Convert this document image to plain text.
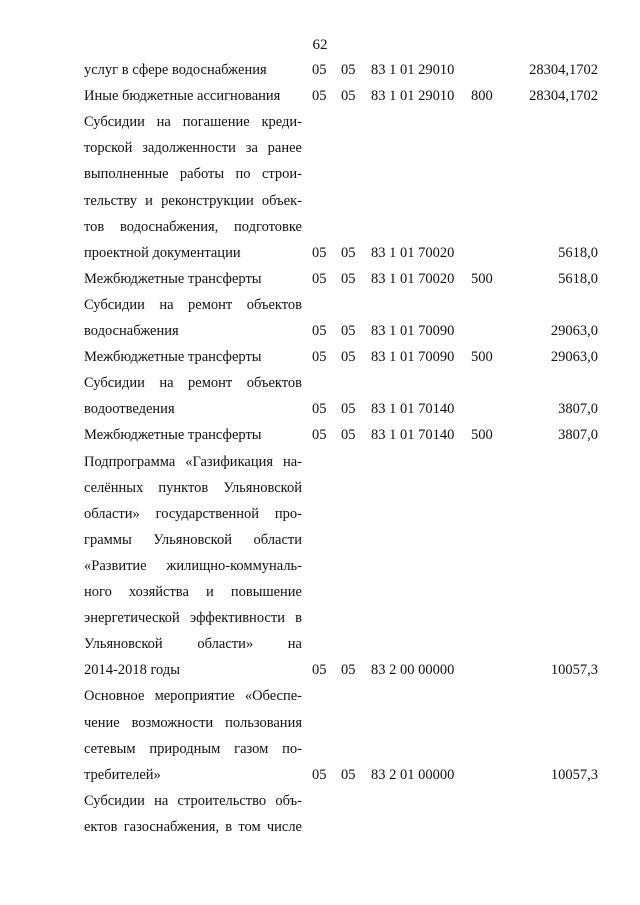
62
услуг в сфере водоснабжения	05 05 83 1 01 29010	28304,1702
Иные бюджетные ассигнования	05 05 83 1 01 29010 800	28304,1702
Субсидии на погашение креди-
торской задолженности за ранее
выполненные работы по строи-
тельству и реконструкции объек-
тов водоснабжения, подготовке
проектной документации	05 05 83 1 01 70020	5618,0
Межбюджетные трансферты	05 05 83 1 01 70020 500	5618,0
Субсидии на ремонт объектов
водоснабжения	05 05 83 1 01 70090	29063,0
Межбюджетные трансферты	05 05 83 1 01 70090 500	29063,0
Субсидии на ремонт объектов
водоотведения	05 05 83 1 01 70140	3807,0
Межбюджетные трансферты	05 05 83 1 01 70140 500	3807,0
Подпрограмма «Газификация на-
селённых пунктов Ульяновской
области» государственной про-
граммы Ульяновской области
«Развитие жилищно-коммуналь-
ного хозяйства и повышение
энергетической эффективности в
Ульяновской области» на
2014-2018 годы	05 05 83 2 00 00000	10057,3
Основное мероприятие «Обеспе-
чение возможности пользования
сетевым природным газом по-
требителей»	05 05 83 2 01 00000	10057,3
Субсидии на строительство объ-
ектов газоснабжения, в том числе
